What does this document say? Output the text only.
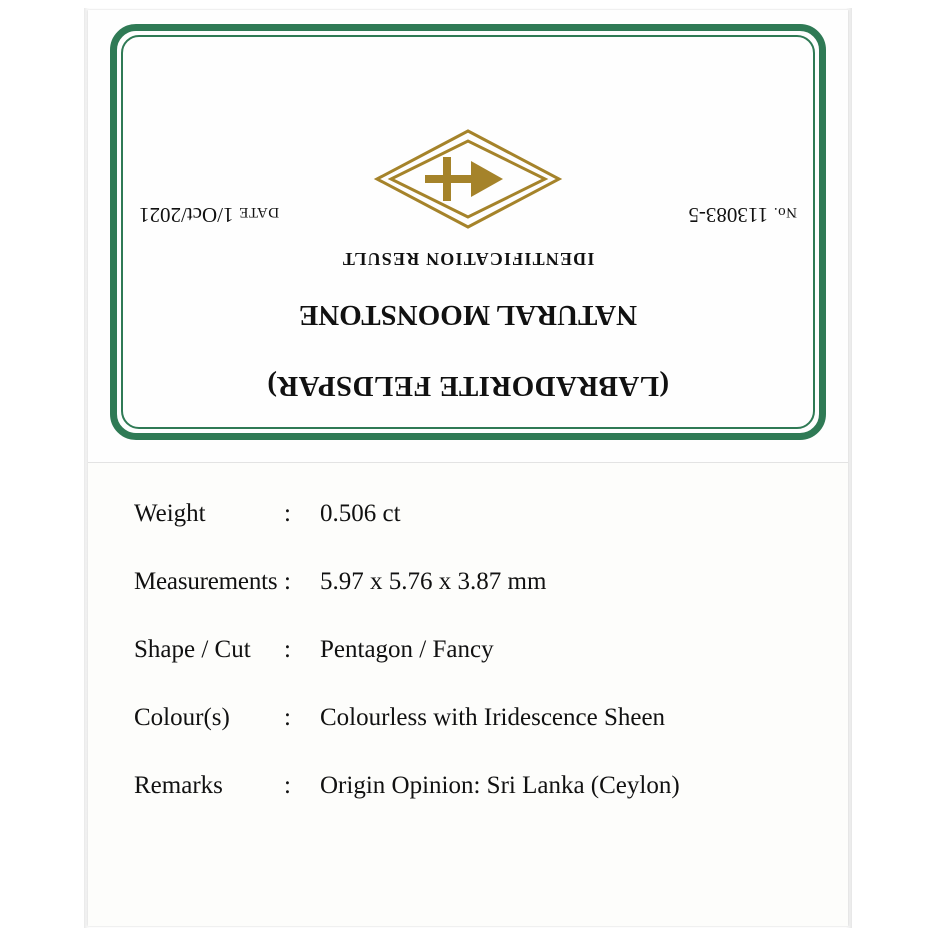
(LABRADORITE FELDSPAR)
NATURAL MOONSTONE
IDENTIFICATION RESULT
No. 113083-5
DATE 1/Oct/2021
Weight	:	0.506 ct
Measurements :	5.97 x 5.76 x 3.87 mm
Shape / Cut	:	Pentagon / Fancy
Colour(s)	:	Colourless with Iridescence Sheen
Remarks	:	Origin Opinion: Sri Lanka (Ceylon)
